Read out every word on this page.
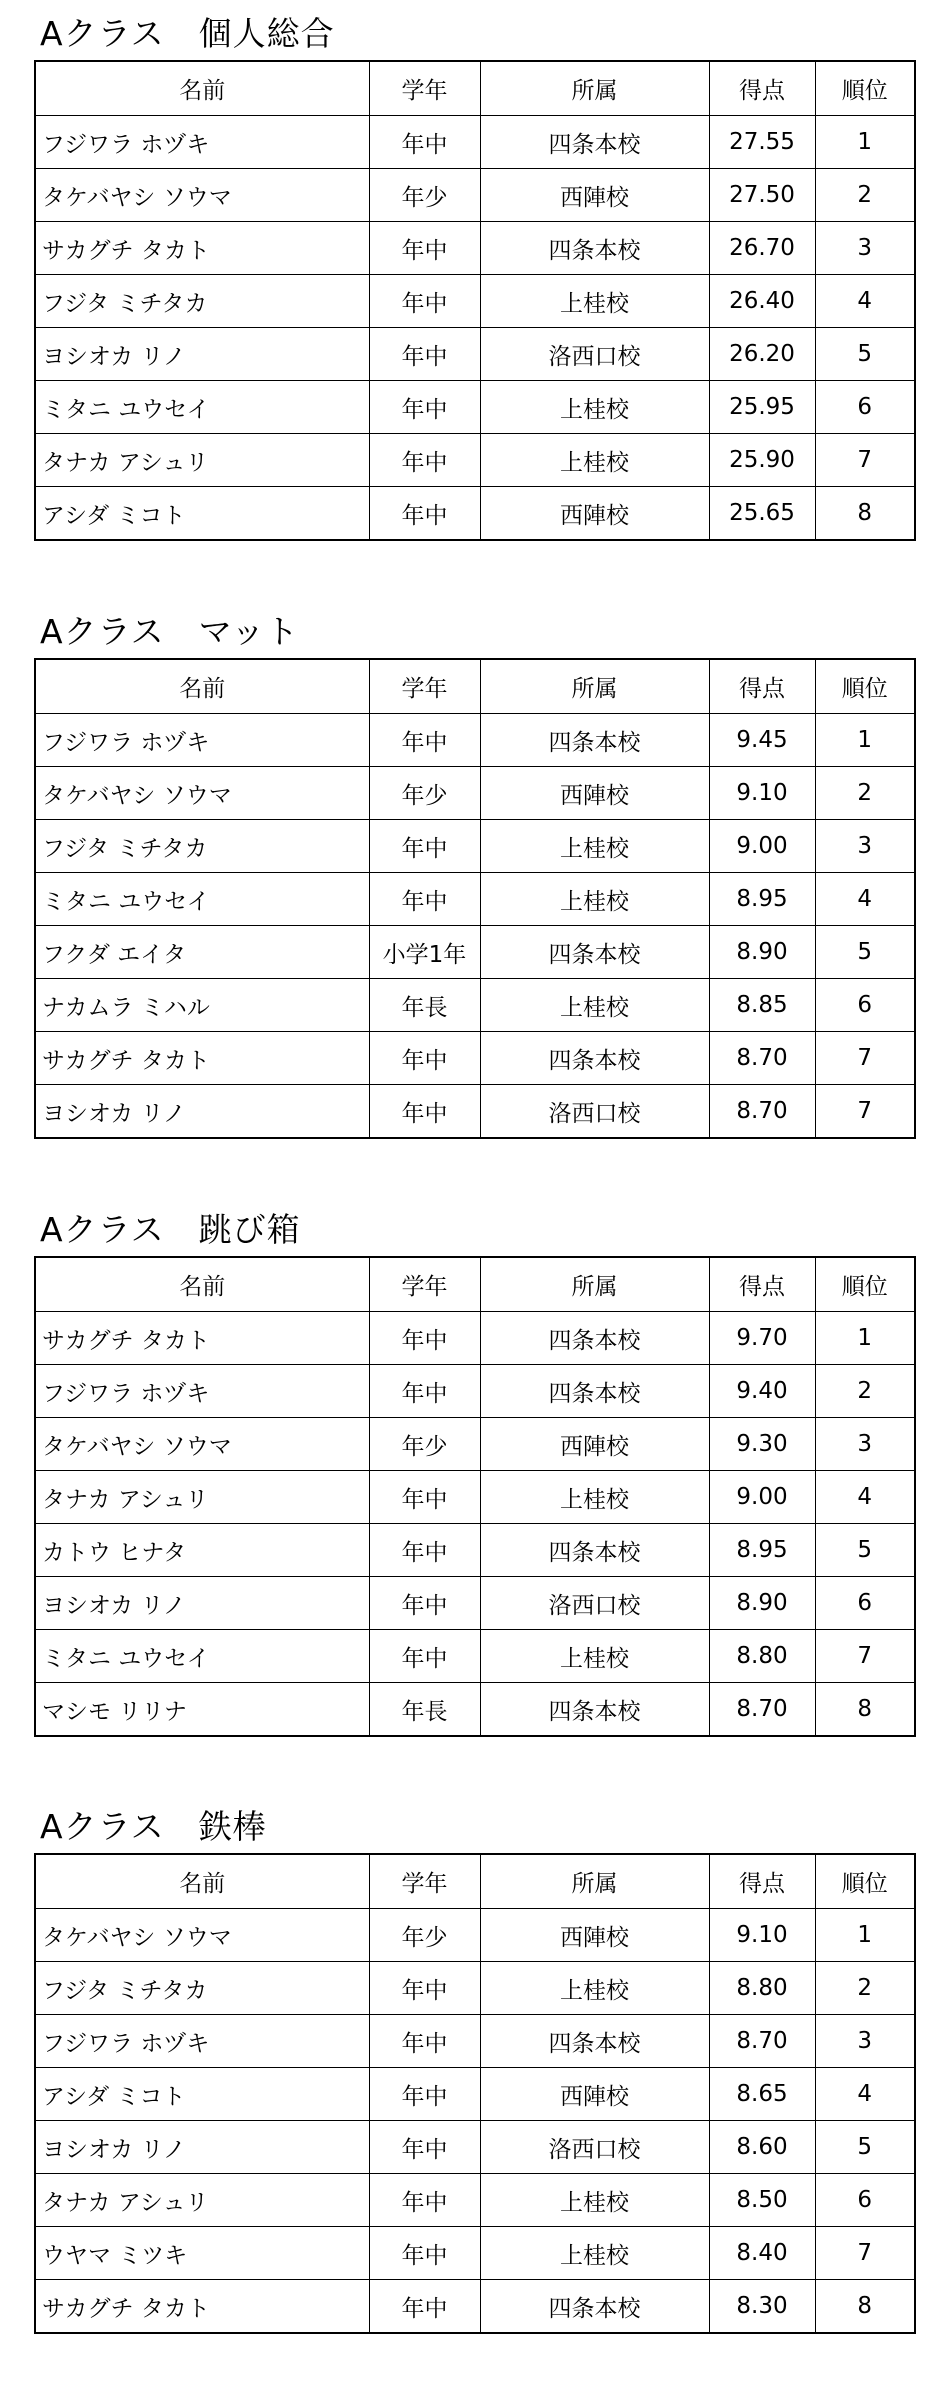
Aクラス　個人総合
名前	学年	所属	得点	順位
フジワラ ホヅキ	年中	四条本校	27.55	1
タケバヤシ ソウマ	年少	西陣校	27.50	2
サカグチ タカト	年中	四条本校	26.70	3
フジタ ミチタカ	年中	上桂校	26.40	4
ヨシオカ リノ	年中	洛西口校	26.20	5
ミタニ ユウセイ	年中	上桂校	25.95	6
タナカ アシュリ	年中	上桂校	25.90	7
アシダ ミコト	年中	西陣校	25.65	8
Aクラス　マット
名前	学年	所属	得点	順位
フジワラ ホヅキ	年中	四条本校	9.45	1
タケバヤシ ソウマ	年少	西陣校	9.10	2
フジタ ミチタカ	年中	上桂校	9.00	3
ミタニ ユウセイ	年中	上桂校	8.95	4
フクダ エイタ	小学1年	四条本校	8.90	5
ナカムラ ミハル	年長	上桂校	8.85	6
サカグチ タカト	年中	四条本校	8.70	7
ヨシオカ リノ	年中	洛西口校	8.70	7
Aクラス　跳び箱
名前	学年	所属	得点	順位
サカグチ タカト	年中	四条本校	9.70	1
フジワラ ホヅキ	年中	四条本校	9.40	2
タケバヤシ ソウマ	年少	西陣校	9.30	3
タナカ アシュリ	年中	上桂校	9.00	4
カトウ ヒナタ	年中	四条本校	8.95	5
ヨシオカ リノ	年中	洛西口校	8.90	6
ミタニ ユウセイ	年中	上桂校	8.80	7
マシモ リリナ	年長	四条本校	8.70	8
Aクラス　鉄棒
名前	学年	所属	得点	順位
タケバヤシ ソウマ	年少	西陣校	9.10	1
フジタ ミチタカ	年中	上桂校	8.80	2
フジワラ ホヅキ	年中	四条本校	8.70	3
アシダ ミコト	年中	西陣校	8.65	4
ヨシオカ リノ	年中	洛西口校	8.60	5
タナカ アシュリ	年中	上桂校	8.50	6
ウヤマ ミツキ	年中	上桂校	8.40	7
サカグチ タカト	年中	四条本校	8.30	8
